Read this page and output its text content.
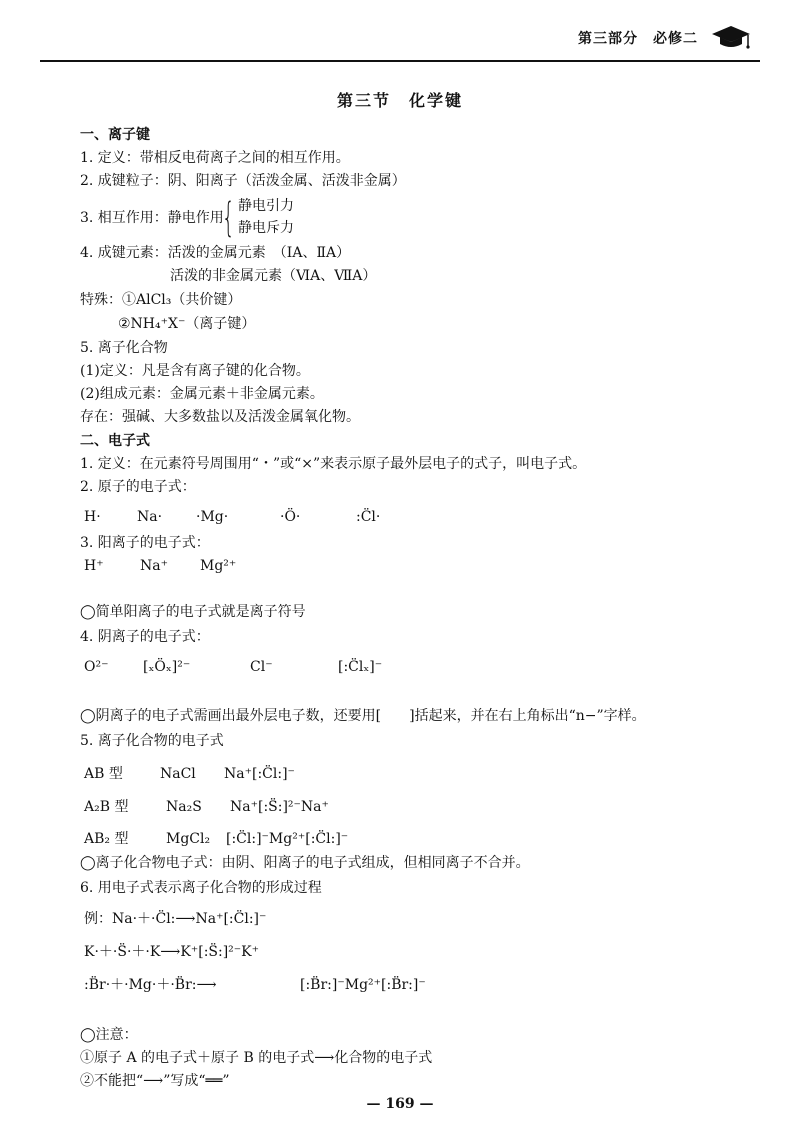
第三部分　必修二
第三节　化学键
一、离子键
1. 定义：带相反电荷离子之间的相互作用。
2. 成键粒子：阴、阳离子（活泼金属、活泼非金属）
3. 相互作用：静电作用
{ 静电引力
静电斥力
4. 成键元素：活泼的金属元素　（ⅠA、ⅡA）
活泼的非金属元素（ⅥA、ⅦA）
特殊：①AlCl₃（共价键）
②NH₄⁺X⁻（离子键）
5. 离子化合物
(1)定义：凡是含有离子键的化合物。
(2)组成元素：金属元素＋非金属元素。
存在：强碱、大多数盐以及活泼金属氧化物。
二、电子式
1. 定义：在元素符号周围用“・”或“×”来表示原子最外层电子的式子，叫电子式。
2. 原子的电子式：
H·	Na· ·Mg·	·Ö·	:C̈l·
3. 阳离子的电子式：
H⁺	Na⁺ Mg²⁺
◯简单阳离子的电子式就是离子符号
4. 阴离子的电子式：
O²⁻ [ₓÖₓ]²⁻	Cl⁻	[:C̈lₓ]⁻
◯阴离子的电子式需画出最外层电子数，还要用[　　]括起来，并在右上角标出“n−”字样。
5. 离子化合物的电子式
AB 型	NaCl Na⁺[:C̈l:]⁻
A₂B 型	Na₂S Na⁺[:S̈:]²⁻Na⁺
AB₂ 型	MgCl₂ [:C̈l:]⁻Mg²⁺[:C̈l:]⁻
◯离子化合物电子式：由阴、阳离子的电子式组成，但相同离子不合并。
6. 用电子式表示离子化合物的形成过程
例：Na·＋·C̈l:⟶Na⁺[:C̈l:]⁻
K·＋·S̈·＋·K⟶K⁺[:S̈:]²⁻K⁺
:B̈r·＋·Mg·＋·B̈r:⟶	[:B̈r:]⁻Mg²⁺[:B̈r:]⁻
◯注意：
①原子 A 的电子式＋原子 B 的电子式⟶化合物的电子式
②不能把“⟶”写成“══”
— 169 —
